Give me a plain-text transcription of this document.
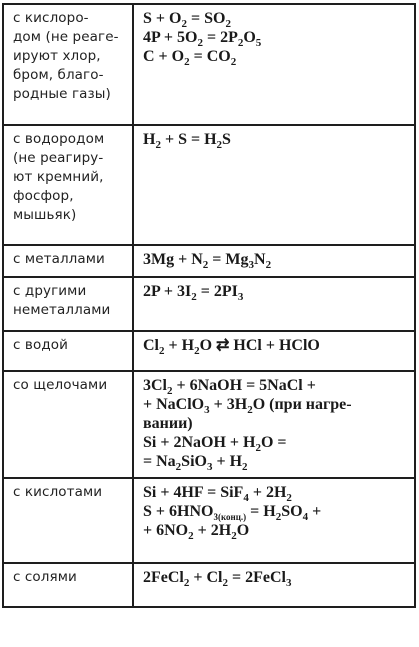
с кислоро-
дом (не реаге-
ируют хлор,
бром, благо-
родные газы)	$S + O_2 = SO_2$
$4P + 5O_2 = 2P_2O_5$
$C + O_2 = CO_2$

с водородом
(не реагиру-
ют кремний,
фосфор,
мышьяк)	$H_2 + S = H_2S$

с металлами	$3Mg + N_2 = Mg_3N_2$

с другими
неметаллами	$2P + 3I_2 = 2PI_3$

с водой	$Cl_2 + H_2O$ ⇄ HCl + HClO

со щелочами	$3Cl_2$ + 6NaOH = 5NaCl +
+ NaClO$_3$ + $3H_2O$ (при нагре-
вании)
Si + 2NaOH + $H_2O$ =
= $Na_2SiO_3 + H_2$

с кислотами	$Si + 4HF = SiF_4 + 2H_2$
$S + 6HNO_{3(конц.)} = H_2SO_4$ +
+ $6NO_2 + 2H_2O$

с солями	2FeCl$_2$ + $Cl_2$ = 2FeCl$_3$
